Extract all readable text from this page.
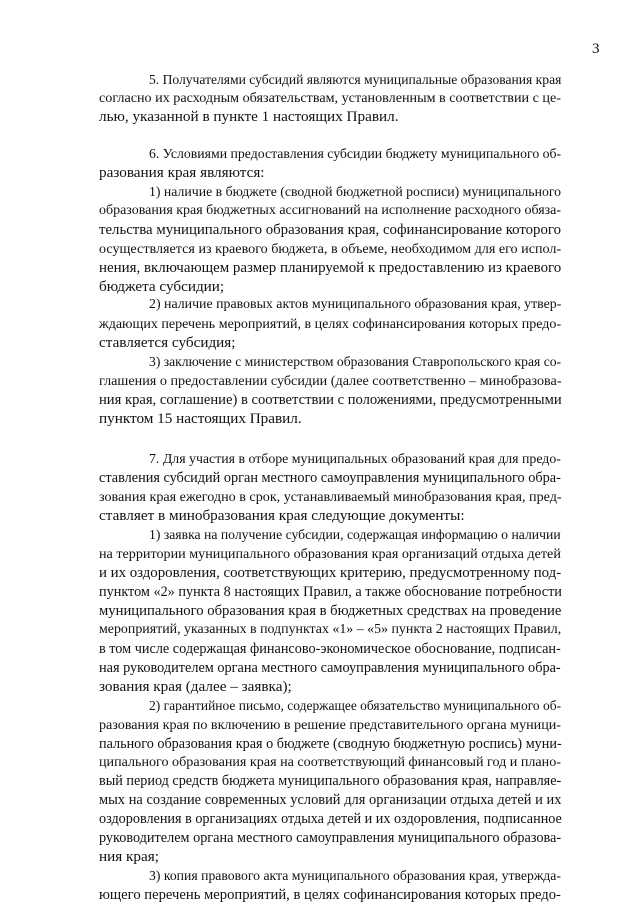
3
5. Получателями субсидий являются муниципальные образования края
согласно их расходным обязательствам, установленным в соответствии с це-
лью, указанной в пункте 1 настоящих Правил.
6. Условиями предоставления субсидии бюджету муниципального об-
разования края являются:
1) наличие в бюджете (сводной бюджетной росписи) муниципального
образования края бюджетных ассигнований на исполнение расходного обяза-
тельства муниципального образования края, софинансирование которого
осуществляется из краевого бюджета, в объеме, необходимом для его испол-
нения, включающем размер планируемой к предоставлению из краевого
бюджета субсидии;
2) наличие правовых актов муниципального образования края, утвер-
ждающих перечень мероприятий, в целях софинансирования которых предо-
ставляется субсидия;
3) заключение с министерством образования Ставропольского края со-
глашения о предоставлении субсидии (далее соответственно – минобразова-
ния края, соглашение) в соответствии с положениями, предусмотренными
пунктом 15 настоящих Правил.
7. Для участия в отборе муниципальных образований края для предо-
ставления субсидий орган местного самоуправления муниципального обра-
зования края ежегодно в срок, устанавливаемый минобразования края, пред-
ставляет в минобразования края следующие документы:
1) заявка на получение субсидии, содержащая информацию о наличии
на территории муниципального образования края организаций отдыха детей
и их оздоровления, соответствующих критерию, предусмотренному под-
пунктом «2» пункта 8 настоящих Правил, а также обоснование потребности
муниципального образования края в бюджетных средствах на проведение
мероприятий, указанных в подпунктах «1» – «5» пункта 2 настоящих Правил,
в том числе содержащая финансово-экономическое обоснование, подписан-
ная руководителем органа местного самоуправления муниципального обра-
зования края (далее – заявка);
2) гарантийное письмо, содержащее обязательство муниципального об-
разования края по включению в решение представительного органа муници-
пального образования края о бюджете (сводную бюджетную роспись) муни-
ципального образования края на соответствующий финансовый год и плано-
вый период средств бюджета муниципального образования края, направляе-
мых на создание современных условий для организации отдыха детей и их
оздоровления в организациях отдыха детей и их оздоровления, подписанное
руководителем органа местного самоуправления муниципального образова-
ния края;
3) копия правового акта муниципального образования края, утвержда-
ющего перечень мероприятий, в целях софинансирования которых предо-
